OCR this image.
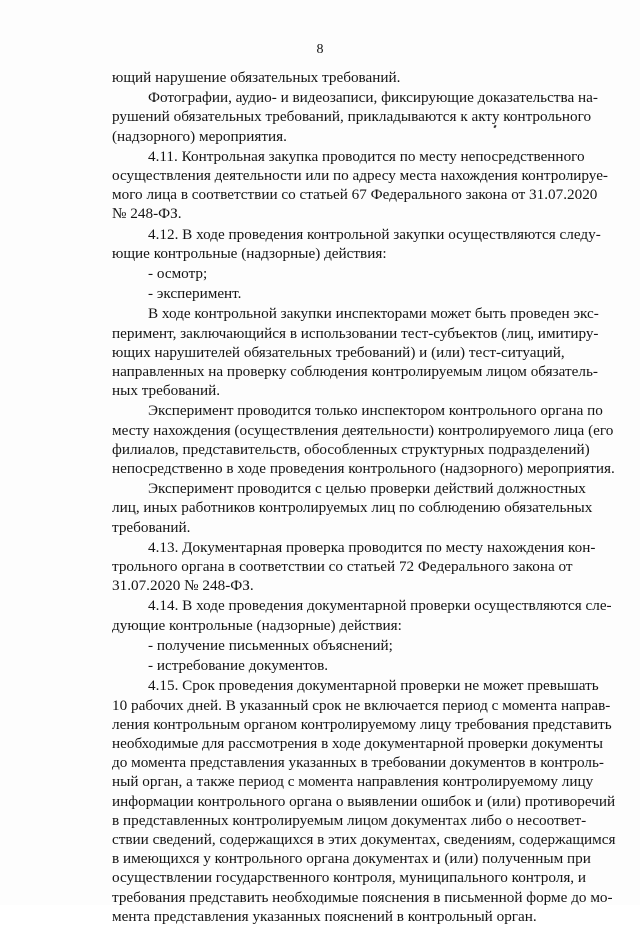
8
ющий нарушение обязательных требований.
Фотографии, аудио- и видеозаписи, фиксирующие доказательства на-
рушений обязательных требований, прикладываются к акту контрольного
(надзорного) мероприятия.
4.11. Контрольная закупка проводится по месту непосредственного
осуществления деятельности или по адресу места нахождения контролируе-
мого лица в соответствии со статьей 67 Федерального закона от 31.07.2020
№ 248-ФЗ.
4.12. В ходе проведения контрольной закупки осуществляются следу-
ющие контрольные (надзорные) действия:
- осмотр;
- эксперимент.
В ходе контрольной закупки инспекторами может быть проведен экс-
перимент, заключающийся в использовании тест-субъектов (лиц, имитиру-
ющих нарушителей обязательных требований) и (или) тест-ситуаций,
направленных на проверку соблюдения контролируемым лицом обязатель-
ных требований.
Эксперимент проводится только инспектором контрольного органа по
месту нахождения (осуществления деятельности) контролируемого лица (его
филиалов, представительств, обособленных структурных подразделений)
непосредственно в ходе проведения контрольного (надзорного) мероприятия.
Эксперимент проводится с целью проверки действий должностных
лиц, иных работников контролируемых лиц по соблюдению обязательных
требований.
4.13. Документарная проверка проводится по месту нахождения кон-
трольного органа в соответствии со статьей 72 Федерального закона от
31.07.2020 № 248-ФЗ.
4.14. В ходе проведения документарной проверки осуществляются сле-
дующие контрольные (надзорные) действия:
- получение письменных объяснений;
- истребование документов.
4.15. Срок проведения документарной проверки не может превышать
10 рабочих дней. В указанный срок не включается период с момента направ-
ления контрольным органом контролируемому лицу требования представить
необходимые для рассмотрения в ходе документарной проверки документы
до момента представления указанных в требовании документов в контроль-
ный орган, а также период с момента направления контролируемому лицу
информации контрольного органа о выявлении ошибок и (или) противоречий
в представленных контролируемым лицом документах либо о несоответ-
ствии сведений, содержащихся в этих документах, сведениям, содержащимся
в имеющихся у контрольного органа документах и (или) полученным при
осуществлении государственного контроля, муниципального контроля, и
требования представить необходимые пояснения в письменной форме до мо-
мента представления указанных пояснений в контрольный орган.
